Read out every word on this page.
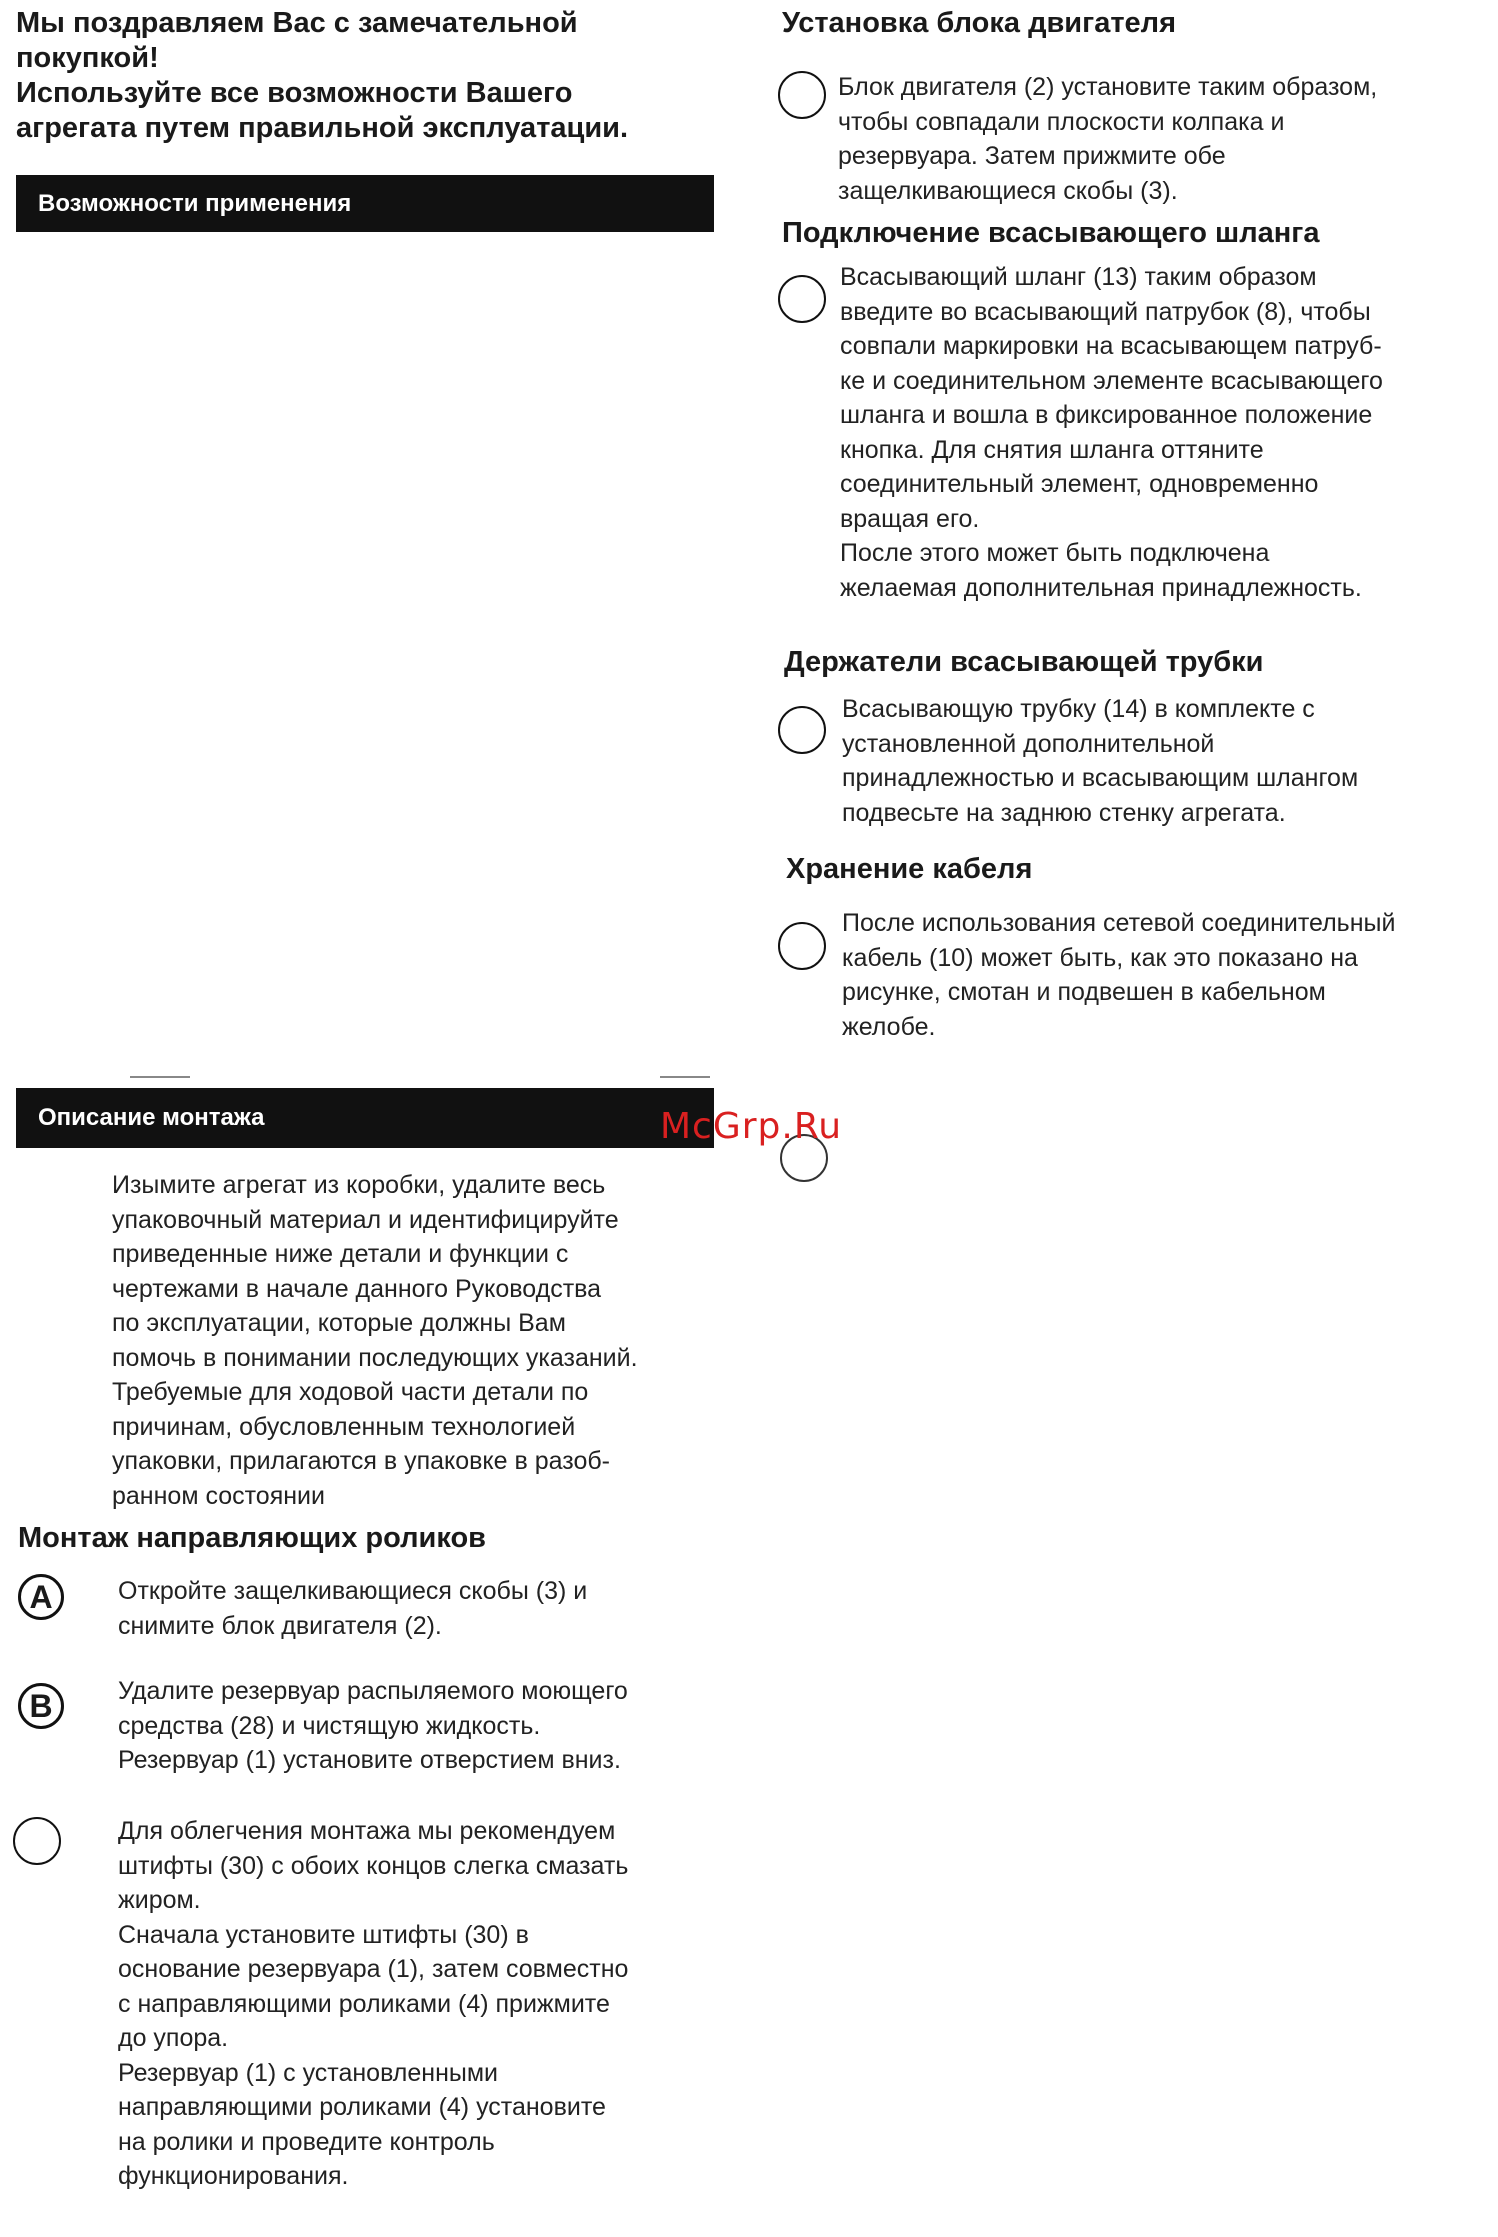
Мы поздравляем Вас с замечательной
покупкой!
Используйте все возможности Вашего
агрегата путем правильной эксплуатации.
Возможности применения
Описание монтажа
Изымите агрегат из коробки, удалите весь
упаковочный материал и идентифицируйте
приведенные ниже детали и функции с
чертежами в начале данного Руководства
по эксплуатации, которые должны Вам
помочь в понимании последующих указаний.
Требуемые для ходовой части детали по
причинам, обусловленным технологией
упаковки, прилагаются в упаковке в разоб-
ранном состоянии
Монтаж направляющих роликов
A	Откройте защелкивающиеся скобы (3) и
снимите блок двигателя (2).
B	Удалите резервуар распыляемого моющего
средства (28) и чистящую жидкость.
Резервуар (1) установите отверстием вниз.
Для облегчения монтажа мы рекомендуем
штифты (30) с обоих концов слегка смазать
жиром.
Сначала установите штифты (30) в
основание резервуара (1), затем совместно
с направляющими роликами (4) прижмите
до упора.
Резервуар (1) с установленными
направляющими роликами (4) установите
на ролики и проведите контроль
функционирования.
Установка блока двигателя
Блок двигателя (2) установите таким образом,
чтобы совпадали плоскости колпака и
резервуара. Затем прижмите обе
защелкивающиеся скобы (3).
Подключение всасывающего шланга
Всасывающий шланг (13) таким образом
введите во всасывающий патрубок (8), чтобы
совпали маркировки на всасывающем патруб-
ке и соединительном элементе всасывающего
шланга и вошла в фиксированное положение
кнопка. Для снятия шланга оттяните
соединительный элемент, одновременно
вращая его.
После этого может быть подключена
желаемая дополнительная принадлежность.
Держатели всасывающей трубки
Всасывающую трубку (14) в комплекте с
установленной дополнительной
принадлежностью и всасывающим шлангом
подвесьте на заднюю стенку агрегата.
Хранение кабеля
После использования сетевой соединительный
кабель (10) может быть, как это показано на
рисунке, смотан и подвешен в кабельном
желобе.
McGrp.Ru
